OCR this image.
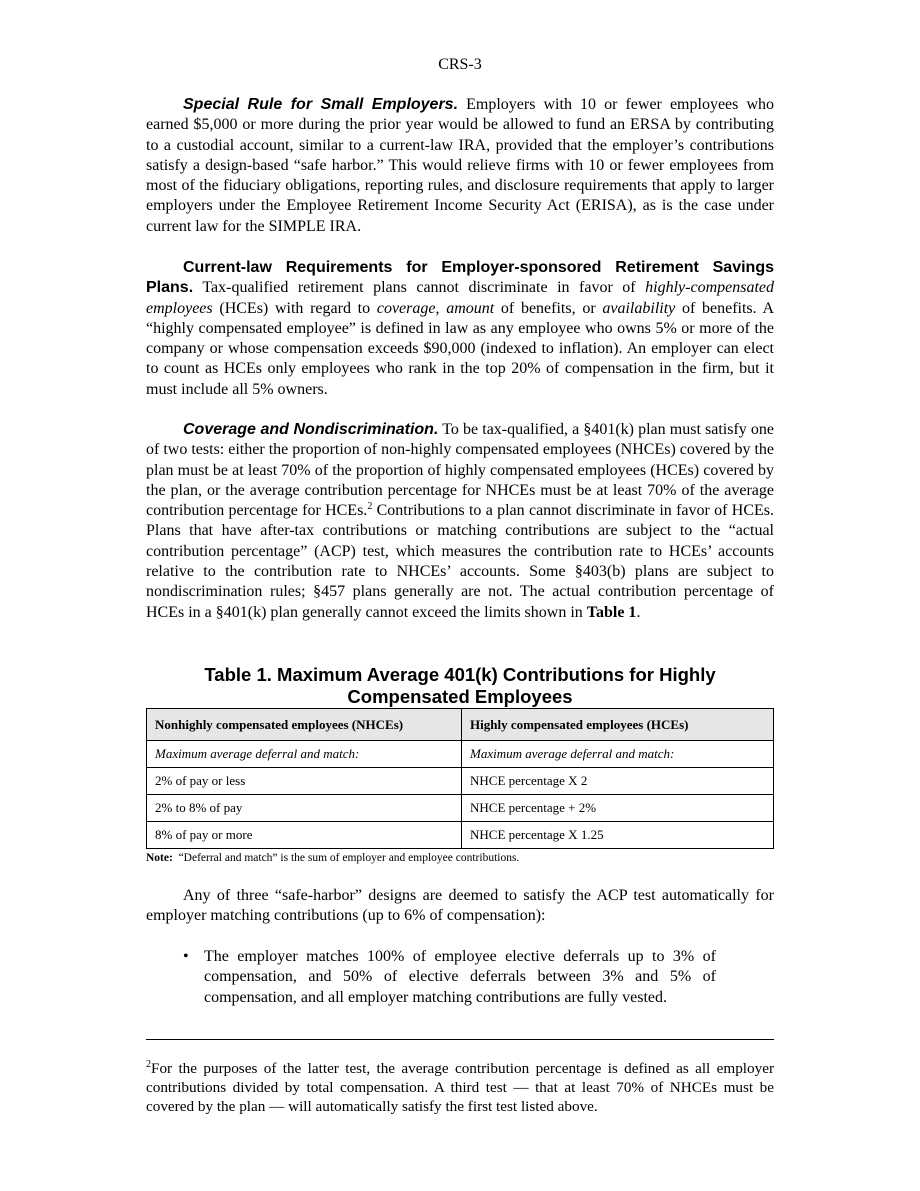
CRS-3

Special Rule for Small Employers. Employers with 10 or fewer employees who earned $5,000 or more during the prior year would be allowed to fund an ERSA by contributing to a custodial account, similar to a current-law IRA, provided that the employer’s contributions satisfy a design-based “safe harbor.” This would relieve firms with 10 or fewer employees from most of the fiduciary obligations, reporting rules, and disclosure requirements that apply to larger employers under the Employee Retirement Income Security Act (ERISA), as is the case under current law for the SIMPLE IRA.

Current-law Requirements for Employer-sponsored Retirement Savings Plans. Tax-qualified retirement plans cannot discriminate in favor of highly-compensated employees (HCEs) with regard to coverage, amount of benefits, or availability of benefits. A “highly compensated employee” is defined in law as any employee who owns 5% or more of the company or whose compensation exceeds $90,000 (indexed to inflation). An employer can elect to count as HCEs only employees who rank in the top 20% of compensation in the firm, but it must include all 5% owners.

Coverage and Nondiscrimination. To be tax-qualified, a §401(k) plan must satisfy one of two tests: either the proportion of non-highly compensated employees (NHCEs) covered by the plan must be at least 70% of the proportion of highly compensated employees (HCEs) covered by the plan, or the average contribution percentage for NHCEs must be at least 70% of the average contribution percentage for HCEs.$^2$ Contributions to a plan cannot discriminate in favor of HCEs. Plans that have after-tax contributions or matching contributions are subject to the “actual contribution percentage” (ACP) test, which measures the contribution rate to HCEs’ accounts relative to the contribution rate to NHCEs’ accounts. Some §403(b) plans are subject to nondiscrimination rules; §457 plans generally are not. The actual contribution percentage of HCEs in a §401(k) plan generally cannot exceed the limits shown in Table 1.

Table 1. Maximum Average 401(k) Contributions for Highly
Compensated Employees
Nonhighly compensated employees (NHCEs)	Highly compensated employees (HCEs)
Maximum average deferral and match:	Maximum average deferral and match:
2% of pay or less	NHCE percentage X 2
2% to 8% of pay	NHCE percentage + 2%
8% of pay or more	NHCE percentage X 1.25
Note: “Deferral and match” is the sum of employer and employee contributions.

Any of three “safe-harbor” designs are deemed to satisfy the ACP test automatically for employer matching contributions (up to 6% of compensation):

• The employer matches 100% of employee elective deferrals up to 3% of compensation, and 50% of elective deferrals between 3% and 5% of compensation, and all employer matching contributions are fully vested.

$^2$For the purposes of the latter test, the average contribution percentage is defined as all employer contributions divided by total compensation. A third test — that at least 70% of NHCEs must be covered by the plan — will automatically satisfy the first test listed above.
